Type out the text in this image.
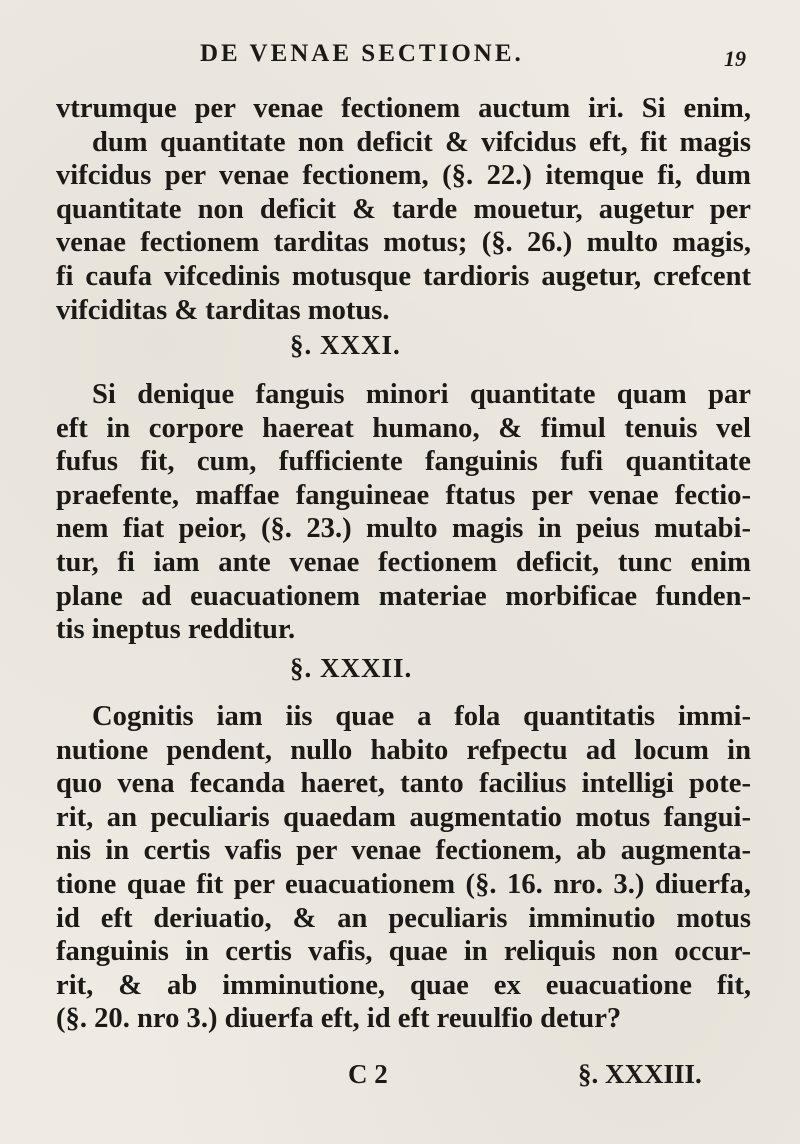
DE VENAE SECTIONE.	19
vtrumque per venae fectionem auctum iri. Si enim,
dum quantitate non deficit & vifcidus eft, fit magis
vifcidus per venae fectionem, (§. 22.) itemque fi, dum
quantitate non deficit & tarde mouetur, augetur per
venae fectionem tarditas motus; (§. 26.) multo magis,
fi caufa vifcedinis motusque tardioris augetur, crefcent
vifciditas & tarditas motus.
§. XXXI.
Si denique fanguis minori quantitate quam par
eft in corpore haereat humano, & fimul tenuis vel
fufus fit, cum, fufficiente fanguinis fufi quantitate
praefente, maffae fanguineae ftatus per venae fectio-
nem fiat peior, (§. 23.) multo magis in peius mutabi-
tur, fi iam ante venae fectionem deficit, tunc enim
plane ad euacuationem materiae morbificae funden-
tis ineptus redditur.
§. XXXII.
Cognitis iam iis quae a fola quantitatis immi-
nutione pendent, nullo habito refpectu ad locum in
quo vena fecanda haeret, tanto facilius intelligi pote-
rit, an peculiaris quaedam augmentatio motus fangui-
nis in certis vafis per venae fectionem, ab augmenta-
tione quae fit per euacuationem (§. 16. nro. 3.) diuerfa,
id eft deriuatio, & an peculiaris imminutio motus
fanguinis in certis vafis, quae in reliquis non occur-
rit, & ab imminutione, quae ex euacuatione fit,
(§. 20. nro 3.) diuerfa eft, id eft reuulfio detur?
C 2	§. XXXIII.
